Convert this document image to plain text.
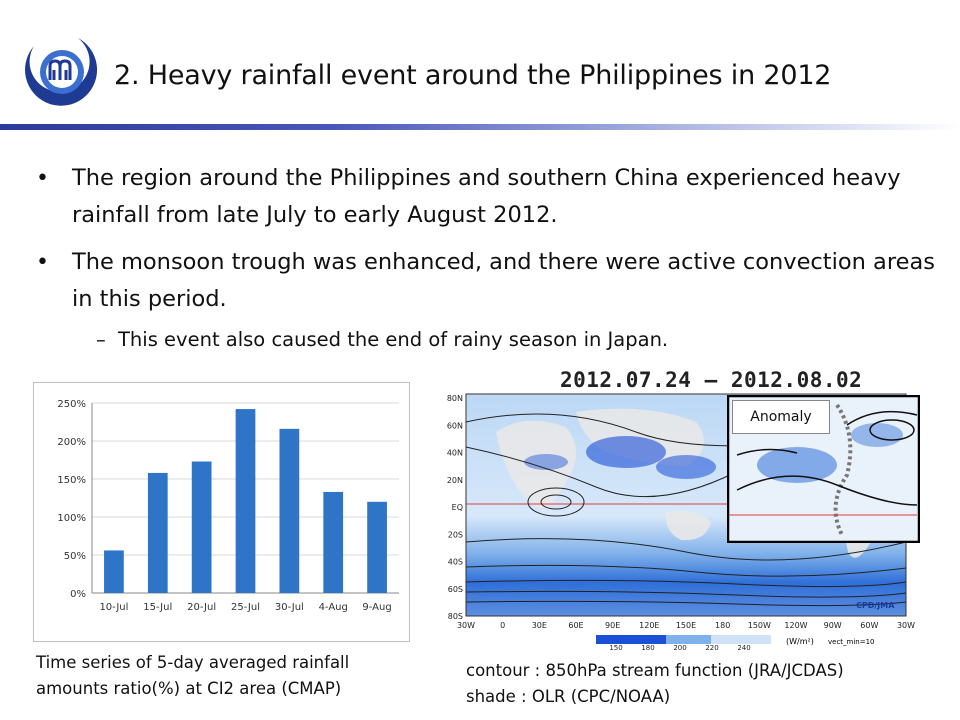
2. Heavy rainfall event around the Philippines in 2012
• The region around the Philippines and southern China experienced heavy rainfall from late July to early August 2012.
• The monsoon trough was enhanced, and there were active convection areas in this period.
– This event also caused the end of rainy season in Japan.
0%
50%
100%
150%
200%
250%
10-Jul 15-Jul 20-Jul 25-Jul 30-Jul 4-Aug 9-Aug
Time series of 5-day averaged rainfall
amounts ratio(%) at CI2 area (CMAP)
2012.07.24 – 2012.08.02
80N
60N
40N
20N
EQ
20S
40S
60S
80S
30W	0	30E	60E	90E 120E 150E 180 150W 120W 90W 60W 30W
150	180	200	220	240
(W/m²) vect_min=10
CPD/JMA
Anomaly
contour : 850hPa stream function (JRA/JCDAS)
shade : OLR (CPC/NOAA)
